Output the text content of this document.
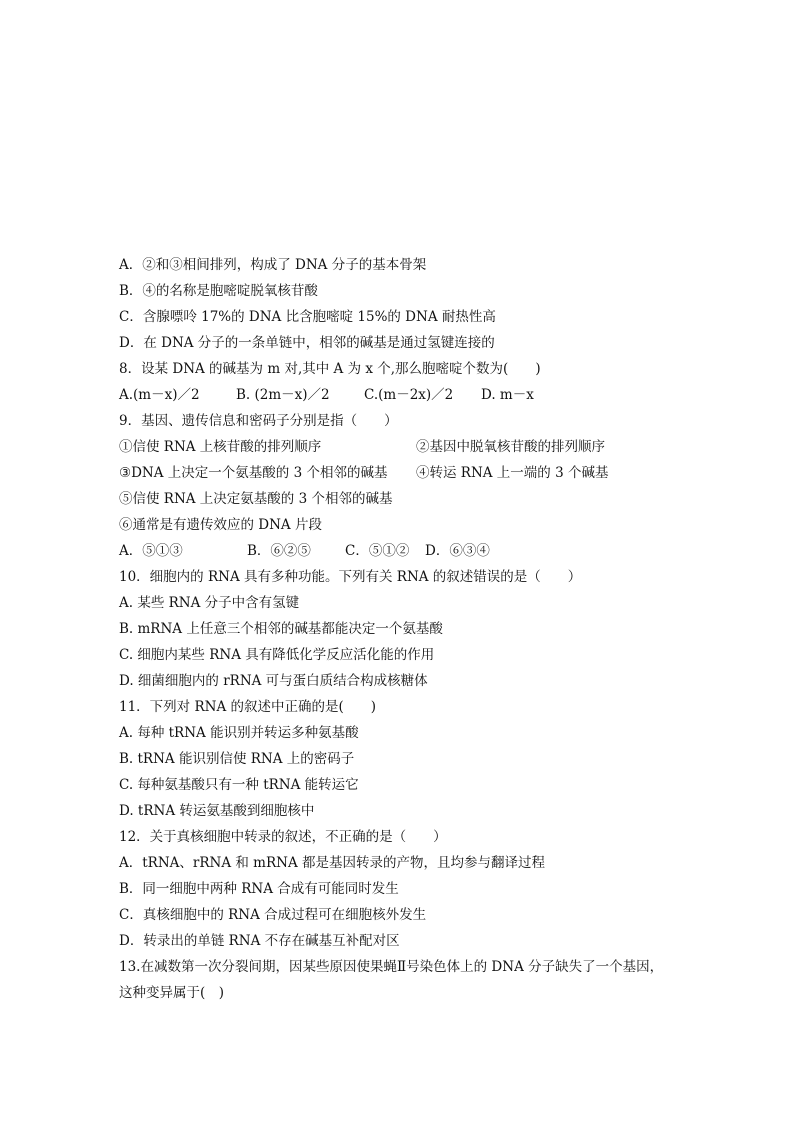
A．②和③相间排列，构成了 DNA 分子的基本骨架
B．④的名称是胞嘧啶脱氧核苷酸
C．含腺嘌呤 17%的 DNA 比含胞嘧啶 15%的 DNA 耐热性高
D．在 DNA 分子的一条单链中，相邻的碱基是通过氢键连接的
8．设某 DNA 的碱基为 m 对,其中 A 为 x 个,那么胞嘧啶个数为(　　)
A.(m－x)／2	B. (2m－x)／2	C.(m－2x)／2 D. m－x
9．基因、遗传信息和密码子分别是指（　　）
①信使 RNA 上核苷酸的排列顺序	②基因中脱氧核苷酸的排列顺序
③DNA 上决定一个氨基酸的 3 个相邻的碱基 ④转运 RNA 上一端的 3 个碱基
⑤信使 RNA 上决定氨基酸的 3 个相邻的碱基
⑥通常是有遗传效应的 DNA 片段
A．⑤①③	B．⑥②⑤	C．⑤①② D．⑥③④
10．细胞内的 RNA 具有多种功能。下列有关 RNA 的叙述错误的是（　　）
A. 某些 RNA 分子中含有氢键
B. mRNA 上任意三个相邻的碱基都能决定一个氨基酸
C. 细胞内某些 RNA 具有降低化学反应活化能的作用
D. 细菌细胞内的 rRNA 可与蛋白质结合构成核糖体
11．下列对 RNA 的叙述中正确的是(　　)
A. 每种 tRNA 能识别并转运多种氨基酸
B. tRNA 能识别信使 RNA 上的密码子
C. 每种氨基酸只有一种 tRNA 能转运它
D. tRNA 转运氨基酸到细胞核中
12．关于真核细胞中转录的叙述，不正确的是（　　）
A．tRNA、rRNA 和 mRNA 都是基因转录的产物，且均参与翻译过程
B．同一细胞中两种 RNA 合成有可能同时发生
C．真核细胞中的 RNA 合成过程可在细胞核外发生
D．转录出的单链 RNA 不存在碱基互补配对区
13.在减数第一次分裂间期，因某些原因使果蝇Ⅱ号染色体上的 DNA 分子缺失了一个基因，
这种变异属于(　)
